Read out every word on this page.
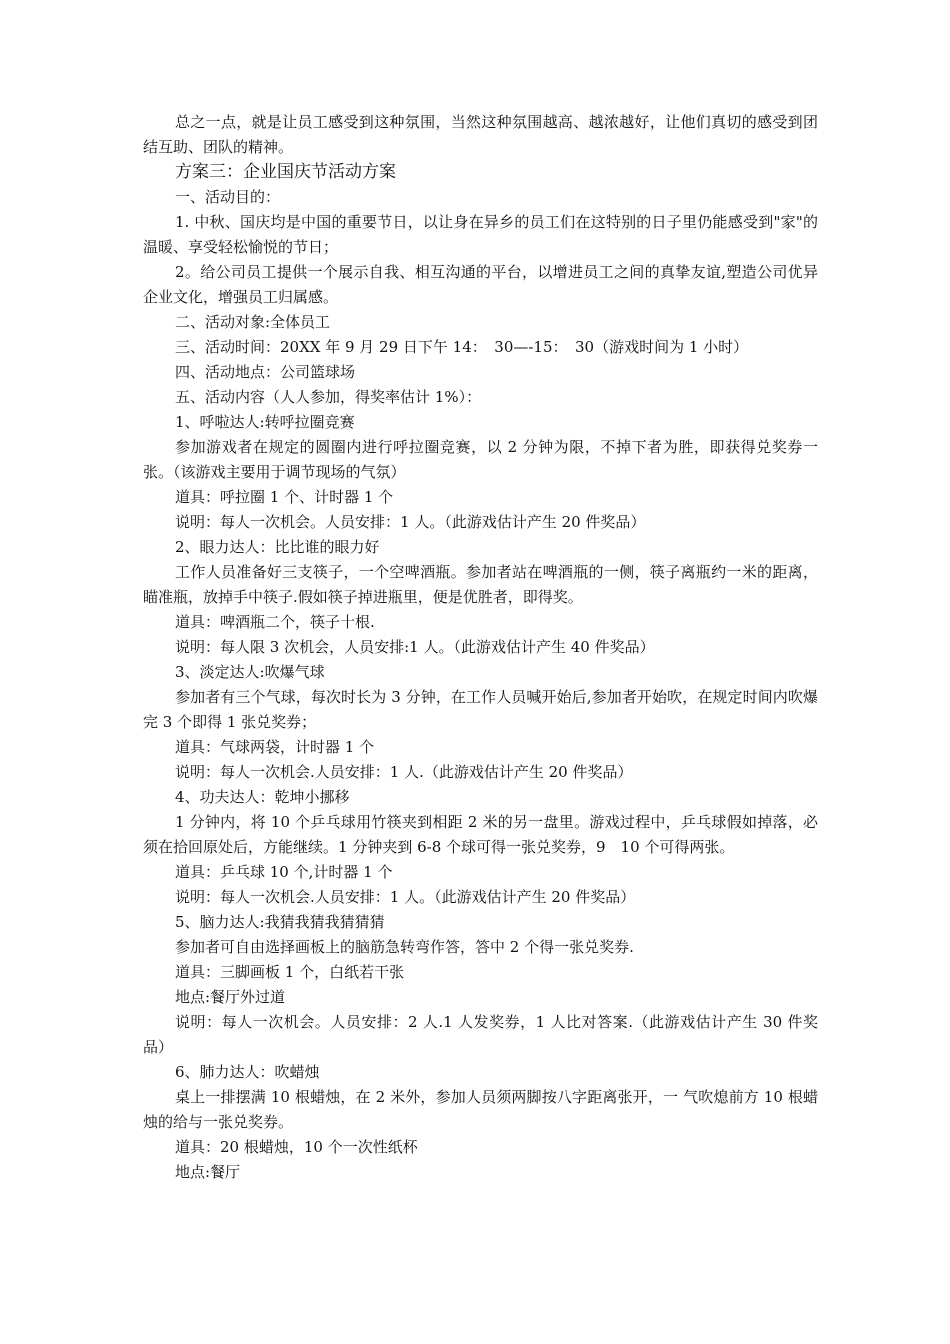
总之一点，就是让员工感受到这种氛围，当然这种氛围越高、越浓越好，让他们真切的感受到团结互助、团队的精神。

方案三：企业国庆节活动方案

一、活动目的：

1. 中秋、国庆均是中国的重要节日，以让身在异乡的员工们在这特别的日子里仍能感受到"家"的温暖、享受轻松愉悦的节日；

2。给公司员工提供一个展示自我、相互沟通的平台，以增进员工之间的真挚友谊,塑造公司优异企业文化，增强员工归属感。

二、活动对象:全体员工

三、活动时间：20XX 年 9 月 29 日下午 14：　30—-15：　30（游戏时间为 1 小时）

四、活动地点：公司篮球场

五、活动内容（人人参加，得奖率估计 1%）：

1、呼啦达人:转呼拉圈竞赛

参加游戏者在规定的圆圈内进行呼拉圈竞赛，以 2 分钟为限，不掉下者为胜，即获得兑奖券一张。（该游戏主要用于调节现场的气氛）

道具：呼拉圈 1 个、计时器 1 个

说明：每人一次机会。人员安排：1 人。（此游戏估计产生 20 件奖品）

2、眼力达人：比比谁的眼力好

工作人员准备好三支筷子，一个空啤酒瓶。参加者站在啤酒瓶的一侧，筷子离瓶约一米的距离，瞄准瓶，放掉手中筷子.假如筷子掉进瓶里，便是优胜者，即得奖。

道具：啤酒瓶二个，筷子十根.

说明：每人限 3 次机会，人员安排:1 人。（此游戏估计产生 40 件奖品）

3、淡定达人:吹爆气球

参加者有三个气球，每次时长为 3 分钟，在工作人员喊开始后,参加者开始吹，在规定时间内吹爆完 3 个即得 1 张兑奖券；

道具：气球两袋，计时器 1 个

说明：每人一次机会.人员安排：1 人.（此游戏估计产生 20 件奖品）

4、功夫达人：乾坤小挪移

1 分钟内，将 10 个乒乓球用竹筷夹到相距 2 米的另一盘里。游戏过程中，乒乓球假如掉落，必须在拾回原处后，方能继续。1 分钟夹到 6-8 个球可得一张兑奖券，9　10 个可得两张。

道具：乒乓球 10 个,计时器 1 个

说明：每人一次机会.人员安排：1 人。（此游戏估计产生 20 件奖品）

5、脑力达人:我猜我猜我猜猜猜

参加者可自由选择画板上的脑筋急转弯作答，答中 2 个得一张兑奖券.

道具：三脚画板 1 个，白纸若干张

地点:餐厅外过道

说明：每人一次机会。人员安排：2 人.1 人发奖券，1 人比对答案.（此游戏估计产生 30 件奖品）

6、肺力达人：吹蜡烛

桌上一排摆满 10 根蜡烛，在 2 米外，参加人员须两脚按八字距离张开，一 气吹熄前方 10 根蜡烛的给与一张兑奖券。

道具：20 根蜡烛，10 个一次性纸杯

地点:餐厅
